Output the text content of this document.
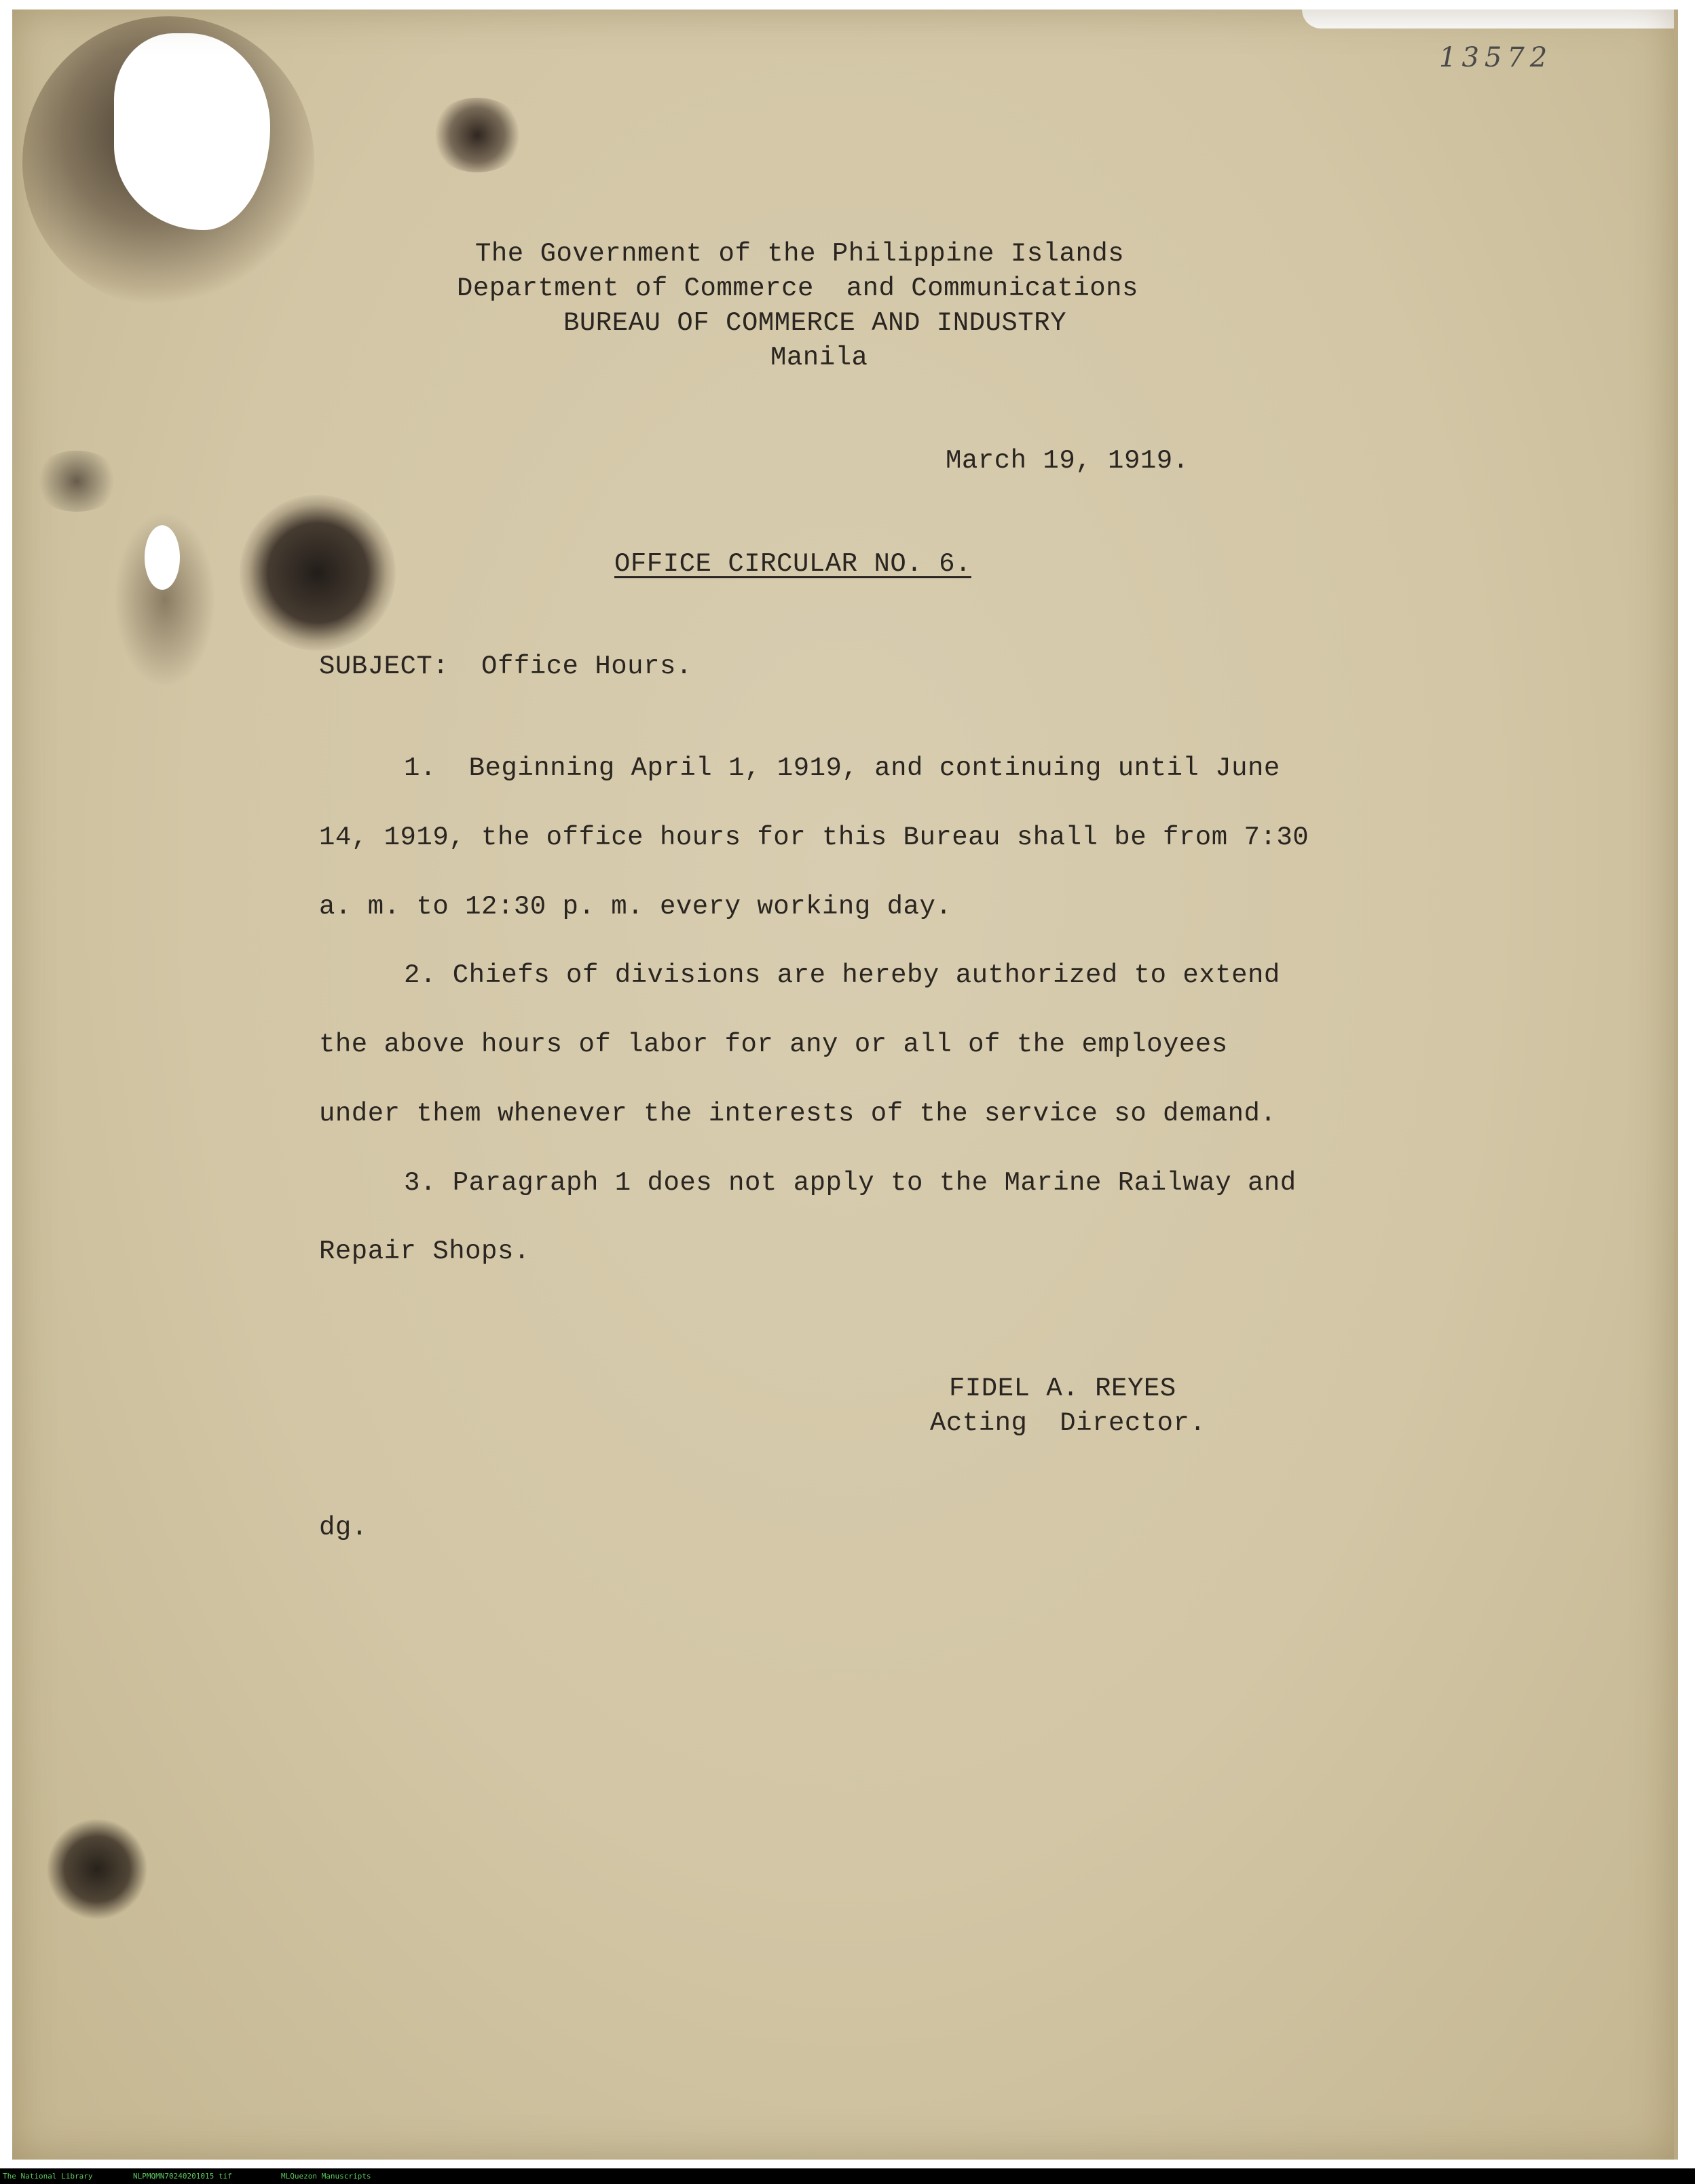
13572
The Government of the Philippine Islands
Department of Commerce  and Communications
BUREAU OF COMMERCE AND INDUSTRY
Manila
March 19, 1919.
OFFICE CIRCULAR NO. 6.
SUBJECT:  Office Hours.
1.  Beginning April 1, 1919, and continuing until June
14, 1919, the office hours for this Bureau shall be from 7:30
a. m. to 12:30 p. m. every working day.
2. Chiefs of divisions are hereby authorized to extend
the above hours of labor for any or all of the employees
under them whenever the interests of the service so demand.
3. Paragraph 1 does not apply to the Marine Railway and
Repair Shops.
FIDEL A. REYES
Acting  Director.
dg.
The National Library	NLPMQMN70240201015 tif	MLQuezon Manuscripts
